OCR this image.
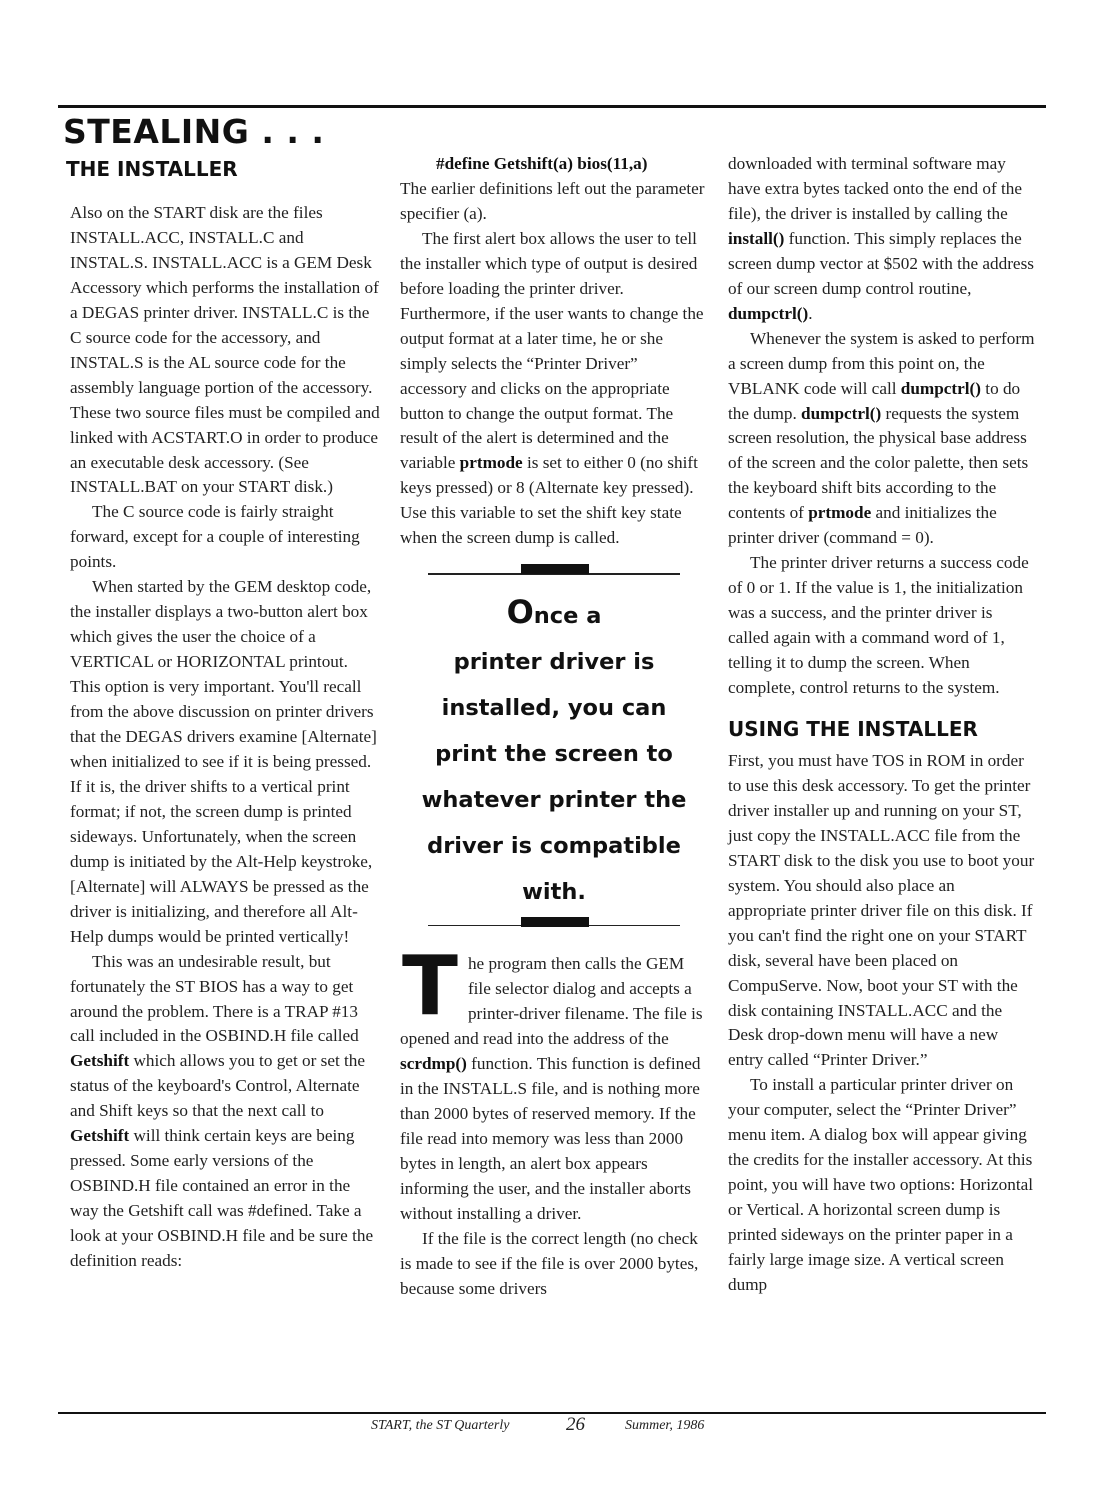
STEALING . . .
THE INSTALLER

Also on the START disk are the files INSTALL.ACC, INSTALL.C and INSTAL.S. INSTALL.ACC is a GEM Desk Accessory which performs the installation of a DEGAS printer driver. INSTALL.C is the C source code for the accessory, and INSTAL.S is the AL source code for the assembly language portion of the accessory. These two source files must be compiled and linked with ACSTART.O in order to produce an executable desk accessory. (See INSTALL.BAT on your START disk.)

The C source code is fairly straight forward, except for a couple of interesting points.

When started by the GEM desktop code, the installer displays a two-button alert box which gives the user the choice of a VERTICAL or HORIZONTAL printout. This option is very important. You'll recall from the above discussion on printer drivers that the DEGAS drivers examine [Alternate] when initialized to see if it is being pressed. If it is, the driver shifts to a vertical print format; if not, the screen dump is printed sideways. Unfortunately, when the screen dump is initiated by the Alt-Help keystroke, [Alternate] will ALWAYS be pressed as the driver is initializing, and therefore all Alt-Help dumps would be printed vertically!

This was an undesirable result, but fortunately the ST BIOS has a way to get around the problem. There is a TRAP #13 call included in the OSBIND.H file called Getshift which allows you to get or set the status of the keyboard's Control, Alternate and Shift keys so that the next call to Getshift will think certain keys are being pressed. Some early versions of the OSBIND.H file contained an error in the way the Getshift call was #defined. Take a look at your OSBIND.H file and be sure the definition reads:

#define Getshift(a) bios(11,a)

The earlier definitions left out the parameter specifier (a).

The first alert box allows the user to tell the installer which type of output is desired before loading the printer driver. Furthermore, if the user wants to change the output format at a later time, he or she simply selects the “Printer Driver” accessory and clicks on the appropriate button to change the output format. The result of the alert is determined and the variable prtmode is set to either 0 (no shift keys pressed) or 8 (Alternate key pressed). Use this variable to set the shift key state when the screen dump is called.

Once a
printer driver is
installed, you can
print the screen to
whatever printer the
driver is compatible
with.

The program then calls the GEM file selector dialog and accepts a printer-driver filename. The file is opened and read into the address of the scrdmp() function. This function is defined in the INSTALL.S file, and is nothing more than 2000 bytes of reserved memory. If the file read into memory was less than 2000 bytes in length, an alert box appears informing the user, and the installer aborts without installing a driver.

If the file is the correct length (no check is made to see if the file is over 2000 bytes, because some drivers

downloaded with terminal software may have extra bytes tacked onto the end of the file), the driver is installed by calling the install() function. This simply replaces the screen dump vector at $502 with the address of our screen dump control routine, dumpctrl().

Whenever the system is asked to perform a screen dump from this point on, the VBLANK code will call dumpctrl() to do the dump. dumpctrl() requests the system screen resolution, the physical base address of the screen and the color palette, then sets the keyboard shift bits according to the contents of prtmode and initializes the printer driver (command = 0).

The printer driver returns a success code of 0 or 1. If the value is 1, the initialization was a success, and the printer driver is called again with a command word of 1, telling it to dump the screen. When complete, control returns to the system.

USING THE INSTALLER

First, you must have TOS in ROM in order to use this desk accessory. To get the printer driver installer up and running on your ST, just copy the INSTALL.ACC file from the START disk to the disk you use to boot your system. You should also place an appropriate printer driver file on this disk. If you can't find the right one on your START disk, several have been placed on CompuServe. Now, boot your ST with the disk containing INSTALL.ACC and the Desk drop-down menu will have a new entry called “Printer Driver.”

To install a particular printer driver on your computer, select the “Printer Driver” menu item. A dialog box will appear giving the credits for the installer accessory. At this point, you will have two options: Horizontal or Vertical. A horizontal screen dump is printed sideways on the printer paper in a fairly large image size. A vertical screen dump

START, the ST Quarterly	26	Summer, 1986
